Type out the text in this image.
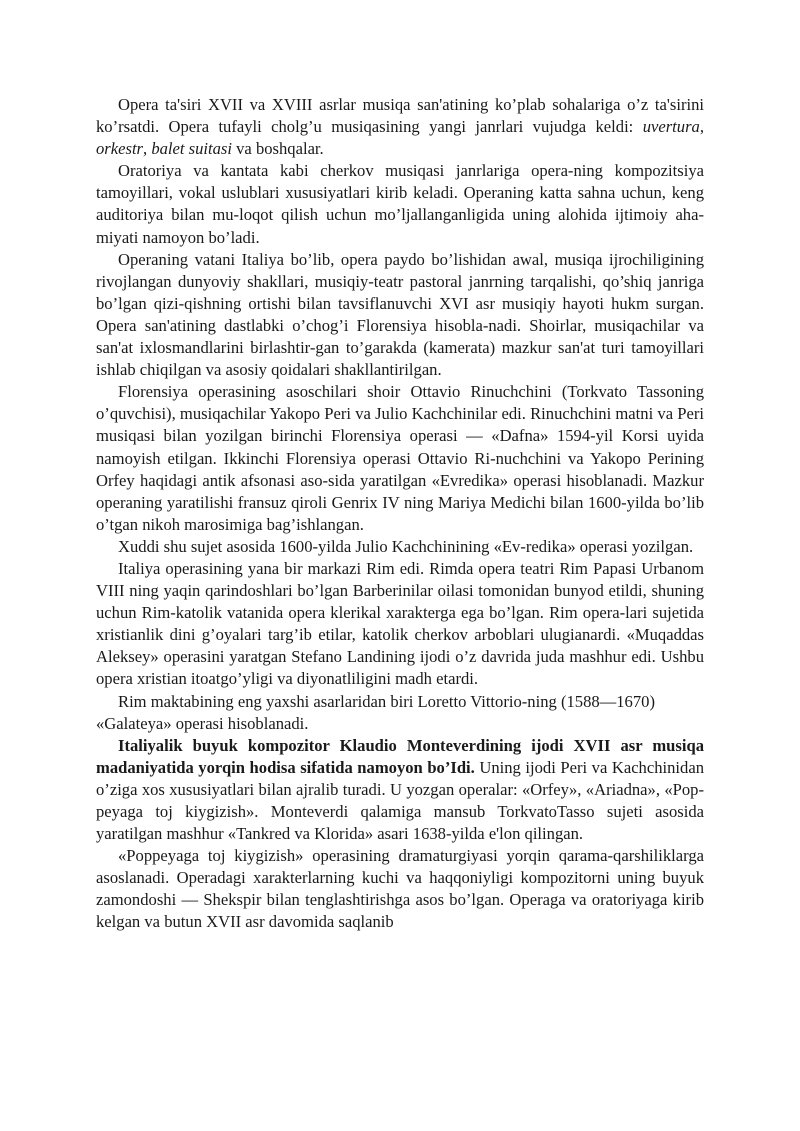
Opera ta'siri XVII va XVIII asrlar musiqa san'atining ko’plab sohalariga o’z ta'sirini ko’rsatdi. Opera tufayli cholg’u musiqasining yangi janrlari vujudga keldi: uvertura, orkestr, balet suitasi va boshqalar.

Oratoriya va kantata kabi cherkov musiqasi janrlariga opera-ning kompozitsiya tamoyillari, vokal uslublari xususiyatlari kirib keladi. Operaning katta sahna uchun, keng auditoriya bilan mu-loqot qilish uchun mo’ljallanganligida uning alohida ijtimoiy aha-miyati namoyon bo’ladi.

Operaning vatani Italiya bo’lib, opera paydo bo’lishidan awal, musiqa ijrochiligining rivojlangan dunyoviy shakllari, musiqiy-teatr pastoral janrning tarqalishi, qo’shiq janriga bo’lgan qizi-qishning ortishi bilan tavsiflanuvchi XVI asr musiqiy hayoti hukm surgan. Opera san'atining dastlabki o’chog’i Florensiya hisobla-nadi. Shoirlar, musiqachilar va san'at ixlosmandlarini birlashtir-gan to’garakda (kamerata) mazkur san'at turi tamoyillari ishlab chiqilgan va asosiy qoidalari shakllantirilgan.

Florensiya operasining asoschilari shoir Ottavio Rinuchchini (Torkvato Tassoning o’quvchisi), musiqachilar Yakopo Peri va Julio Kachchinilar edi. Rinuchchini matni va Peri musiqasi bilan yozilgan birinchi Florensiya operasi — «Dafna» 1594-yil Korsi uyida namoyish etilgan. Ikkinchi Florensiya operasi Ottavio Ri-nuchchini va Yakopo Perining Orfey haqidagi antik afsonasi aso-sida yaratilgan «Evredika» operasi hisoblanadi. Mazkur operaning yaratilishi fransuz qiroli Genrix IV ning Mariya Medichi bilan 1600-yilda bo’lib o’tgan nikoh marosimiga bag’ishlangan.

Xuddi shu sujet asosida 1600-yilda Julio Kachchinining «Ev-redika» operasi yozilgan.

Italiya operasining yana bir markazi Rim edi. Rimda opera teatri Rim Papasi Urbanom VIII ning yaqin qarindoshlari bo’lgan Barberinilar oilasi tomonidan bunyod etildi, shuning uchun Rim-katolik vatanida opera klerikal xarakterga ega bo’lgan. Rim opera-lari sujetida xristianlik dini g’oyalari targ’ib etilar, katolik cherkov arboblari ulugianardi. «Muqaddas Aleksey» operasini yaratgan Stefano Landining ijodi o’z davrida juda mashhur edi. Ushbu opera xristian itoatgo’yligi va diyonatliligini madh etardi.

Rim maktabining eng yaxshi asarlaridan biri Loretto Vittorio-ning (1588—1670) «Galateya» operasi hisoblanadi.

Italiyalik buyuk kompozitor Klaudio Monteverdining ijodi XVII asr musiqa madaniyatida yorqin hodisa sifatida namoyon bo’Idi. Uning ijodi Peri va Kachchinidan o’ziga xos xususiyatlari bilan ajralib turadi. U yozgan operalar: «Orfey», «Ariadna», «Pop-peyaga toj kiygizish». Monteverdi qalamiga mansub TorkvatoTasso sujeti asosida yaratilgan mashhur «Tankred va Klorida» asari 1638-yilda e'lon qilingan.

«Poppeyaga toj kiygizish» operasining dramaturgiyasi yorqin qarama-qarshiliklarga asoslanadi. Operadagi xarakterlarning kuchi va haqqoniyligi kompozitorni uning buyuk zamondoshi — Shekspir bilan tenglashtirishga asos bo’lgan. Operaga va oratoriyaga kirib kelgan va butun XVII asr davomida saqlanib
